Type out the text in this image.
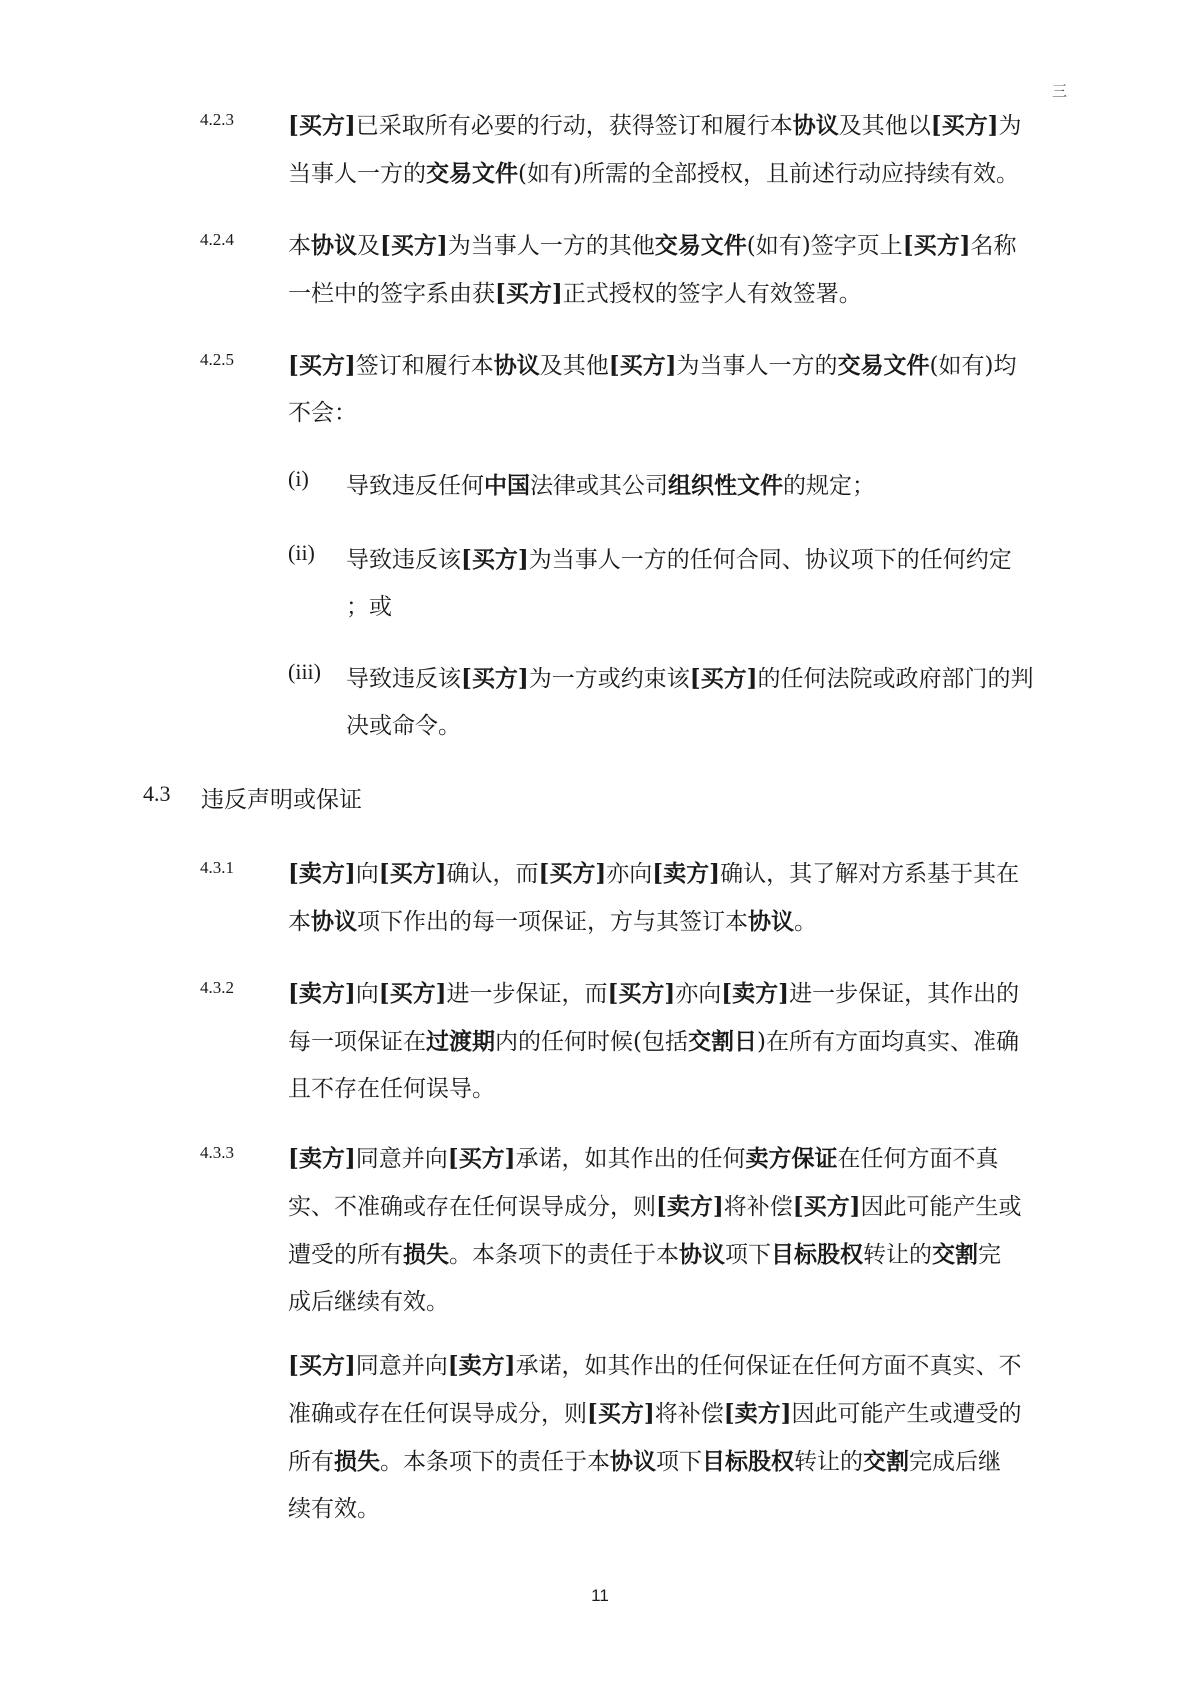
三
4.2.3 [买方]已采取所有必要的行动，获得签订和履行本协议及其他以[买方]为
当事人一方的交易文件(如有)所需的全部授权，且前述行动应持续有效。
4.2.4 本协议及[买方]为当事人一方的其他交易文件(如有)签字页上[买方]名称
一栏中的签字系由获[买方]正式授权的签字人有效签署。
4.2.5 [买方]签订和履行本协议及其他[买方]为当事人一方的交易文件(如有)均
不会：
(i) 导致违反任何中国法律或其公司组织性文件的规定；
(ii) 导致违反该[买方]为当事人一方的任何合同、协议项下的任何约定
；或
(iii) 导致违反该[买方]为一方或约束该[买方]的任何法院或政府部门的判
决或命令。
4.3 违反声明或保证
4.3.1 [卖方]向[买方]确认，而[买方]亦向[卖方]确认，其了解对方系基于其在
本协议项下作出的每一项保证，方与其签订本协议。
4.3.2 [卖方]向[买方]进一步保证，而[买方]亦向[卖方]进一步保证，其作出的
每一项保证在过渡期内的任何时候(包括交割日)在所有方面均真实、准确
且不存在任何误导。
4.3.3 [卖方]同意并向[买方]承诺，如其作出的任何卖方保证在任何方面不真
实、不准确或存在任何误导成分，则[卖方]将补偿[买方]因此可能产生或
遭受的所有损失。本条项下的责任于本协议项下目标股权转让的交割完
成后继续有效。
[买方]同意并向[卖方]承诺，如其作出的任何保证在任何方面不真实、不
准确或存在任何误导成分，则[买方]将补偿[卖方]因此可能产生或遭受的
所有损失。本条项下的责任于本协议项下目标股权转让的交割完成后继
续有效。
11
